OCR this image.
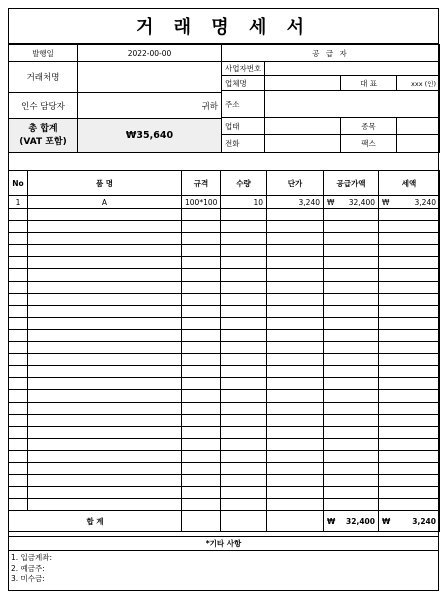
거 래 명 세 서
발행일	2022-00-00
거래처명	
인수 담당자	귀하

총 합계
(VAT 포함)	₩35,640
공 급 자			
사업자번호			
업체명		대 표	xxx (인)
주소			
업태		종목	
전화		팩스	
No	품 명	규격	수량	단가	공급가액	세액
1	A	100*100	10	3,240	₩ 32,400	₩ 3,240

합 계					₩ 32,400	₩ 3,240
*기타 사항
1. 입금계좌:
2. 예금주:
3. 미수금:
